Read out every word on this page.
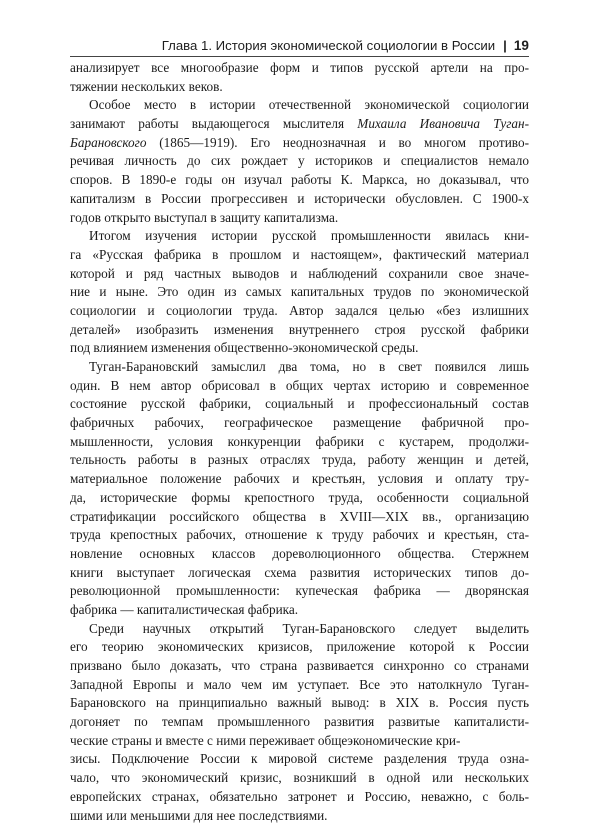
Глава 1. История экономической социологии в России | 19
анализирует все многообразие форм и типов русской артели на про-
тяжении нескольких веков.
Особое место в истории отечественной экономической социологии
занимают работы выдающегося мыслителя Михаила Ивановича Туган-
Барановского (1865—1919). Его неоднозначная и во многом противо-
речивая личность до сих рождает у историков и специалистов немало
споров. В 1890-е годы он изучал работы К. Маркса, но доказывал, что
капитализм в России прогрессивен и исторически обусловлен. С 1900-х
годов открыто выступал в защиту капитализма.
Итогом изучения истории русской промышленности явилась кни-
га «Русская фабрика в прошлом и настоящем», фактический материал
которой и ряд частных выводов и наблюдений сохранили свое значе-
ние и ныне. Это один из самых капитальных трудов по экономической
социологии и социологии труда. Автор задался целью «без излишних
деталей» изобразить изменения внутреннего строя русской фабрики
под влиянием изменения общественно-экономической среды.
Туган-Барановский замыслил два тома, но в свет появился лишь
один. В нем автор обрисовал в общих чертах историю и современное
состояние русской фабрики, социальный и профессиональный состав
фабричных рабочих, географическое размещение фабричной про-
мышленности, условия конкуренции фабрики с кустарем, продолжи-
тельность работы в разных отраслях труда, работу женщин и детей,
материальное положение рабочих и крестьян, условия и оплату тру-
да, исторические формы крепостного труда, особенности социальной
стратификации российского общества в XVIII—XIX вв., организацию
труда крепостных рабочих, отношение к труду рабочих и крестьян, ста-
новление основных классов дореволюционного общества. Стержнем
книги выступает логическая схема развития исторических типов до-
революционной промышленности: купеческая фабрика — дворянская
фабрика — капиталистическая фабрика.
Среди научных открытий Туган-Барановского следует выделить
его теорию экономических кризисов, приложение которой к России
призвано было доказать, что страна развивается синхронно со странами
Западной Европы и мало чем им уступает. Все это натолкнуло Туган-
Барановского на принципиально важный вывод: в XIX в. Россия пусть
догоняет по темпам промышленного развития развитые капиталисти-
ческие страны и вместе с ними переживает общеэкономические кри-
зисы. Подключение России к мировой системе разделения труда озна-
чало, что экономический кризис, возникший в одной или нескольких
европейских странах, обязательно затронет и Россию, неважно, с боль-
шими или меньшими для нее последствиями.
